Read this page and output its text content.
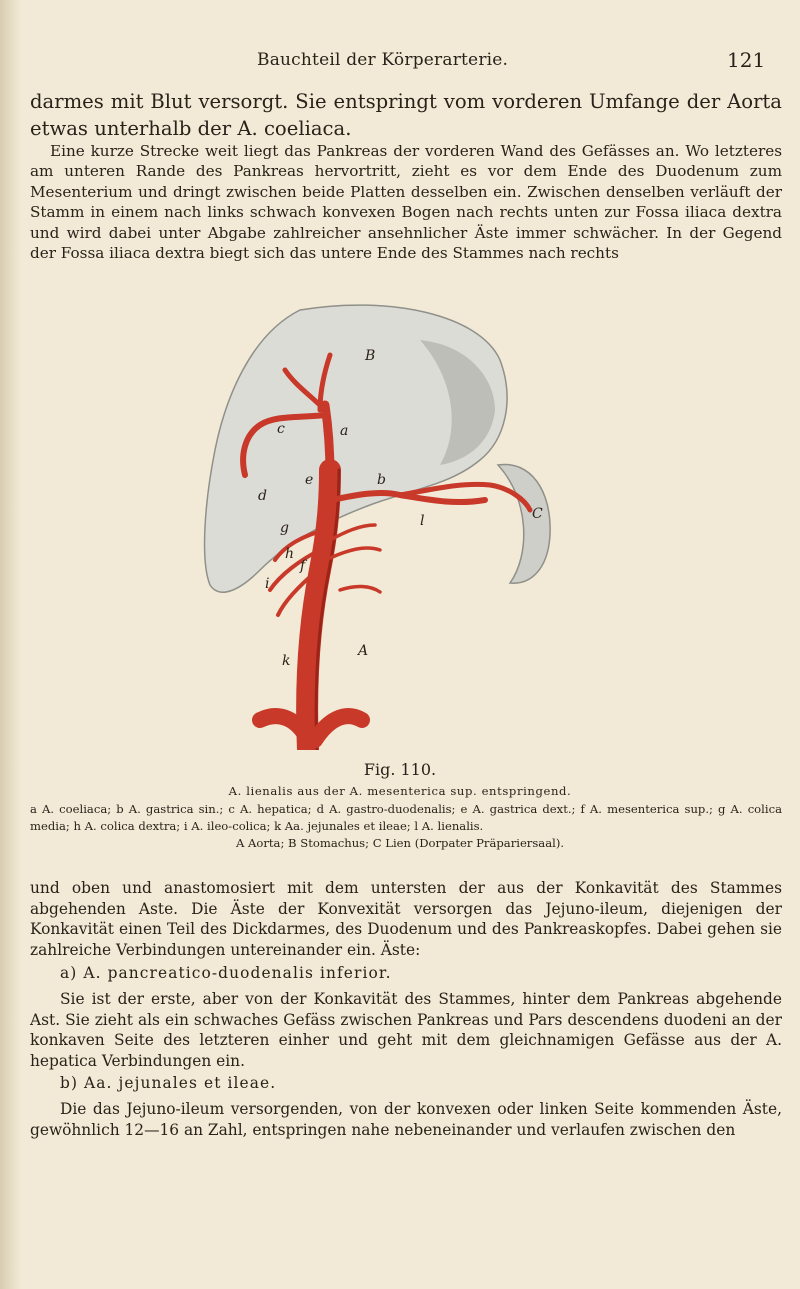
Bauchteil der Körperarterie.	121

darmes mit Blut versorgt. Sie entspringt vom vorderen Umfange der Aorta etwas unterhalb der A. coeliaca.

Eine kurze Strecke weit liegt das Pankreas der vorderen Wand des Gefässes an. Wo letzteres am unteren Rande des Pankreas hervortritt, zieht es vor dem Ende des Duodenum zum Mesenterium und dringt zwischen beide Platten desselben ein. Zwischen denselben verläuft der Stamm in einem nach links schwach konvexen Bogen nach rechts unten zur Fossa iliaca dextra und wird dabei unter Abgabe zahlreicher ansehnlicher Äste immer schwächer. In der Gegend der Fossa iliaca dextra biegt sich das untere Ende des Stammes nach rechts

B
C
A
a
b
c
d
e
f
g
h
i
k
l
Fig. 110.
A. lienalis aus der A. mesenterica sup. entspringend.
a A. coeliaca; b A. gastrica sin.; c A. hepatica; d A. gastro-duodenalis; e A. gastrica dext.; f A. mesenterica sup.; g A. colica media; h A. colica dextra; i A. ileo-colica; k Aa. jejunales et ileae; l A. lienalis.
A Aorta; B Stomachus; C Lien (Dorpater Präpariersaal).

und oben und anastomosiert mit dem untersten der aus der Konkavität des Stammes abgehenden Aste. Die Äste der Konvexität versorgen das Jejuno-ileum, diejenigen der Konkavität einen Teil des Dickdarmes, des Duodenum und des Pankreaskopfes. Dabei gehen sie zahlreiche Verbindungen untereinander ein. Äste:

a) A. pancreatico-duodenalis inferior.

Sie ist der erste, aber von der Konkavität des Stammes, hinter dem Pankreas abgehende Ast. Sie zieht als ein schwaches Gefäss zwischen Pankreas und Pars descendens duodeni an der konkaven Seite des letzteren einher und geht mit dem gleichnamigen Gefässe aus der A. hepatica Verbindungen ein.

b) Aa. jejunales et ileae.

Die das Jejuno-ileum versorgenden, von der konvexen oder linken Seite kommenden Äste, gewöhnlich 12—16 an Zahl, entspringen nahe nebeneinander und verlaufen zwischen den
